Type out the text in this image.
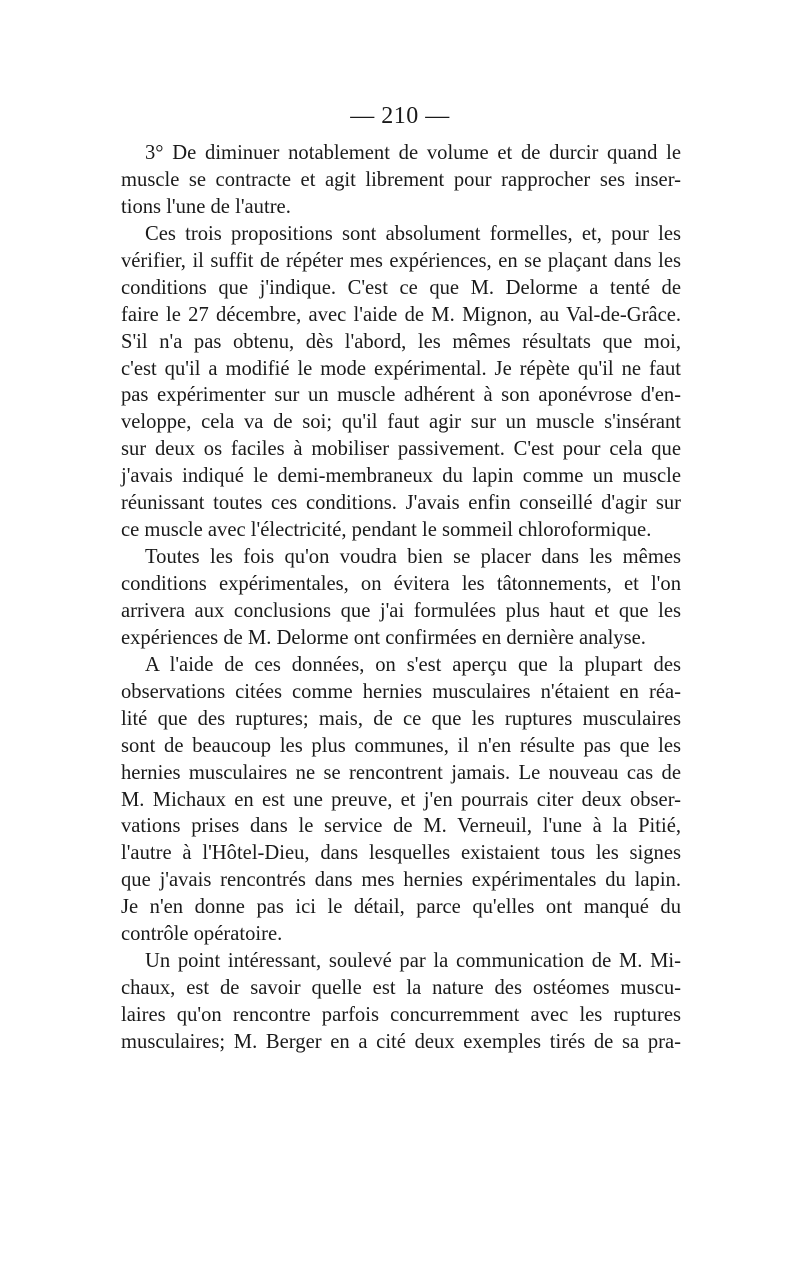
— 210 —
3° De diminuer notablement de volume et de durcir quand le
muscle se contracte et agit librement pour rapprocher ses inser-
tions l'une de l'autre.
Ces trois propositions sont absolument formelles, et, pour les
vérifier, il suffit de répéter mes expériences, en se plaçant dans les
conditions que j'indique. C'est ce que M. Delorme a tenté de
faire le 27 décembre, avec l'aide de M. Mignon, au Val-de-Grâce.
S'il n'a pas obtenu, dès l'abord, les mêmes résultats que moi,
c'est qu'il a modifié le mode expérimental. Je répète qu'il ne faut
pas expérimenter sur un muscle adhérent à son aponévrose d'en-
veloppe, cela va de soi; qu'il faut agir sur un muscle s'insérant
sur deux os faciles à mobiliser passivement. C'est pour cela que
j'avais indiqué le demi-membraneux du lapin comme un muscle
réunissant toutes ces conditions. J'avais enfin conseillé d'agir sur
ce muscle avec l'électricité, pendant le sommeil chloroformique.
Toutes les fois qu'on voudra bien se placer dans les mêmes
conditions expérimentales, on évitera les tâtonnements, et l'on
arrivera aux conclusions que j'ai formulées plus haut et que les
expériences de M. Delorme ont confirmées en dernière analyse.
A l'aide de ces données, on s'est aperçu que la plupart des
observations citées comme hernies musculaires n'étaient en réa-
lité que des ruptures; mais, de ce que les ruptures musculaires
sont de beaucoup les plus communes, il n'en résulte pas que les
hernies musculaires ne se rencontrent jamais. Le nouveau cas de
M. Michaux en est une preuve, et j'en pourrais citer deux obser-
vations prises dans le service de M. Verneuil, l'une à la Pitié,
l'autre à l'Hôtel-Dieu, dans lesquelles existaient tous les signes
que j'avais rencontrés dans mes hernies expérimentales du lapin.
Je n'en donne pas ici le détail, parce qu'elles ont manqué du
contrôle opératoire.
Un point intéressant, soulevé par la communication de M. Mi-
chaux, est de savoir quelle est la nature des ostéomes muscu-
laires qu'on rencontre parfois concurremment avec les ruptures
musculaires; M. Berger en a cité deux exemples tirés de sa pra-
